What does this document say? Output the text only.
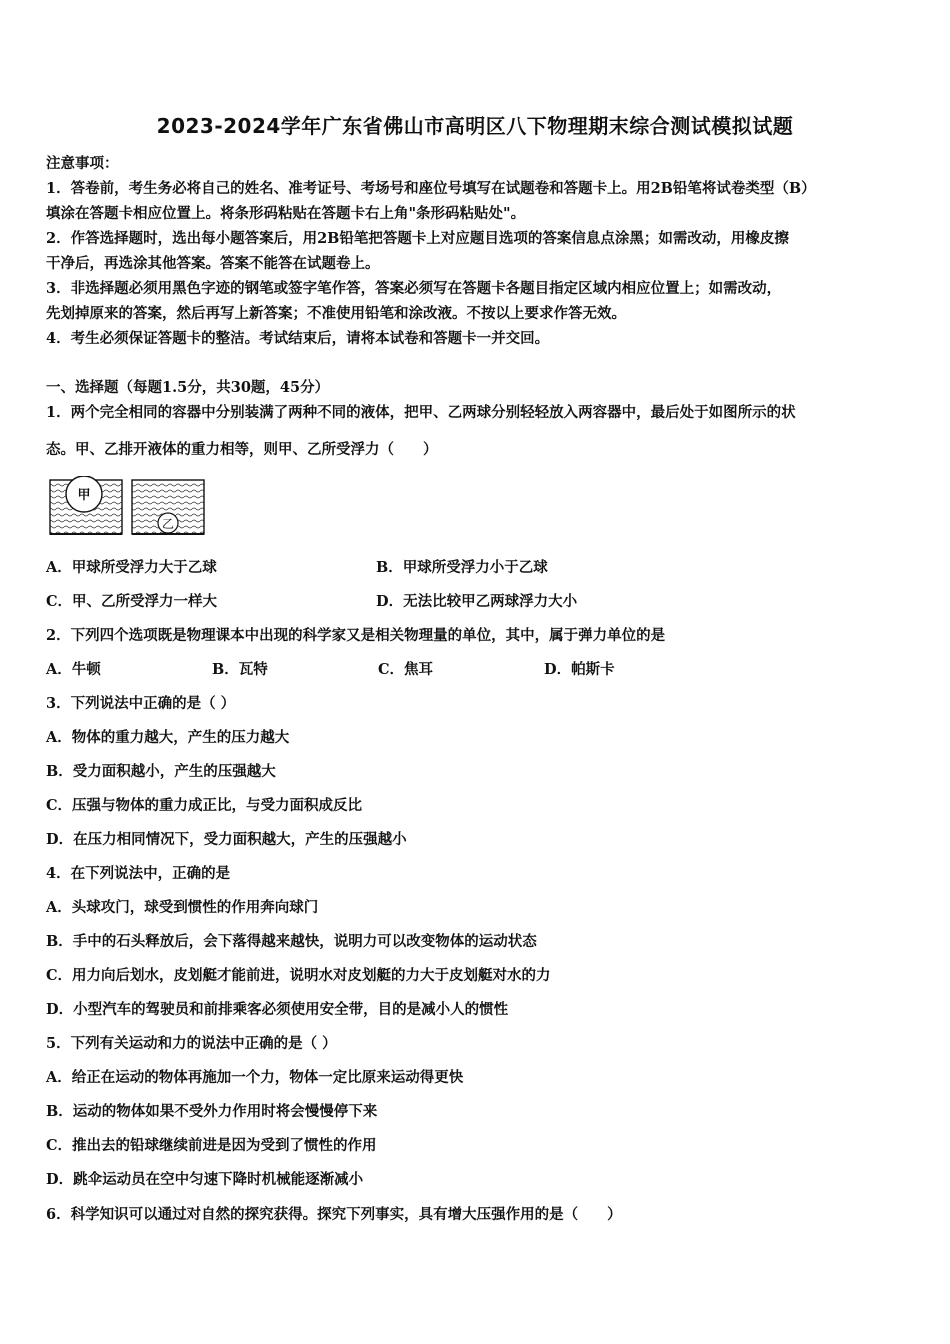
2023-2024学年广东省佛山市高明区八下物理期末综合测试模拟试题
注意事项：
1．答卷前，考生务必将自己的姓名、准考证号、考场号和座位号填写在试题卷和答题卡上。用2B铅笔将试卷类型（B）
填涂在答题卡相应位置上。将条形码粘贴在答题卡右上角"条形码粘贴处"。
2．作答选择题时，选出每小题答案后，用2B铅笔把答题卡上对应题目选项的答案信息点涂黑；如需改动，用橡皮擦
干净后，再选涂其他答案。答案不能答在试题卷上。
3．非选择题必须用黑色字迹的钢笔或签字笔作答，答案必须写在答题卡各题目指定区域内相应位置上；如需改动，
先划掉原来的答案，然后再写上新答案；不准使用铅笔和涂改液。不按以上要求作答无效。
4．考生必须保证答题卡的整洁。考试结束后，请将本试卷和答题卡一并交回。
一、选择题（每题1.5分，共30题，45分）
1．两个完全相同的容器中分别装满了两种不同的液体，把甲、乙两球分别轻轻放入两容器中，最后处于如图所示的状
态。甲、乙排开液体的重力相等，则甲、乙所受浮力（　　）
甲
乙
A．甲球所受浮力大于乙球	B．甲球所受浮力小于乙球
C．甲、乙所受浮力一样大	D．无法比较甲乙两球浮力大小
2．下列四个选项既是物理课本中出现的科学家又是相关物理量的单位，其中，属于弹力单位的是
A．牛顿	B．瓦特	C．焦耳	D．帕斯卡
3．下列说法中正确的是（ ）
A．物体的重力越大，产生的压力越大
B．受力面积越小，产生的压强越大
C．压强与物体的重力成正比，与受力面积成反比
D．在压力相同情况下，受力面积越大，产生的压强越小
4．在下列说法中，正确的是
A．头球攻门，球受到惯性的作用奔向球门
B．手中的石头释放后，会下落得越来越快，说明力可以改变物体的运动状态
C．用力向后划水，皮划艇才能前进，说明水对皮划艇的力大于皮划艇对水的力
D．小型汽车的驾驶员和前排乘客必须使用安全带，目的是减小人的惯性
5．下列有关运动和力的说法中正确的是（ ）
A．给正在运动的物体再施加一个力，物体一定比原来运动得更快
B．运动的物体如果不受外力作用时将会慢慢停下来
C．推出去的铅球继续前进是因为受到了惯性的作用
D．跳伞运动员在空中匀速下降时机械能逐渐减小
6．科学知识可以通过对自然的探究获得。探究下列事实，具有增大压强作用的是（　　）
